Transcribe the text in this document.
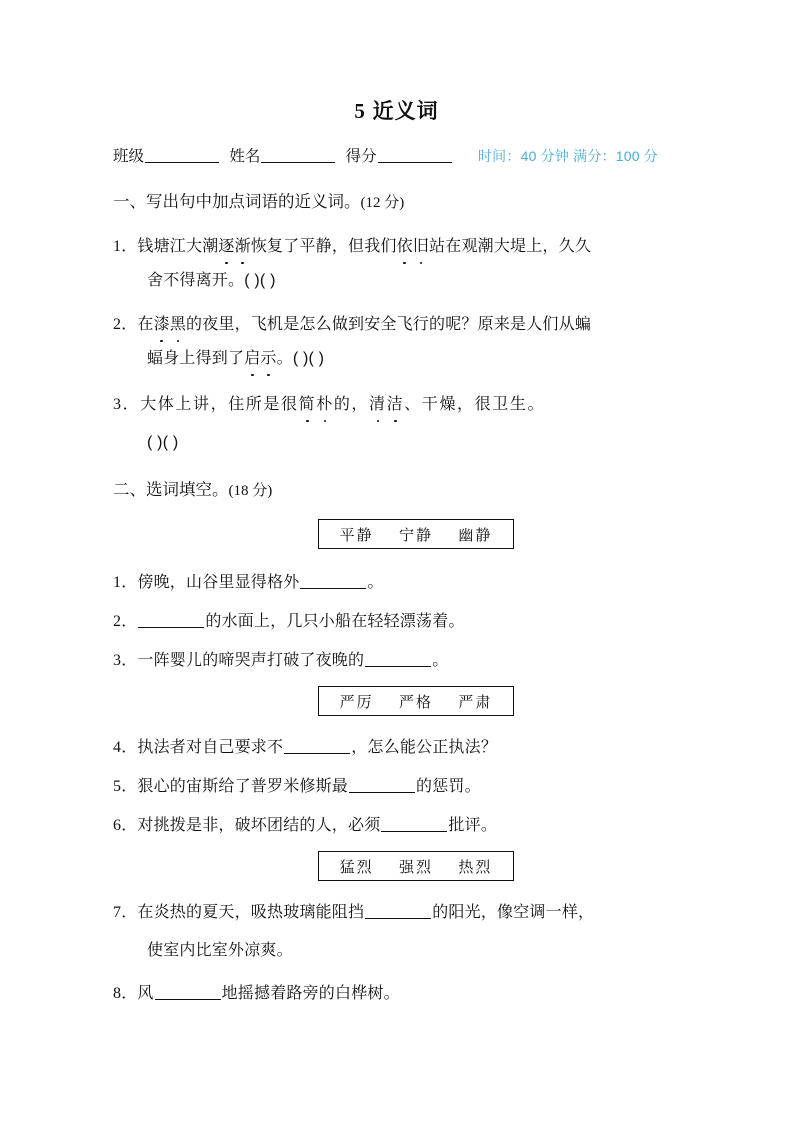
5 近义词
班级	姓名	得分	时间：40 分钟 满分：100 分
一、写出句中加点词语的近义词。(12 分)
1．钱塘江大潮逐渐恢复了平静，但我们依旧站在观潮大堤上，久久
舍不得离开。( )( )
2．在漆黑的夜里，飞机是怎么做到安全飞行的呢？原来是人们从蝙
蝠身上得到了启示。( )( )
3．大体上讲，住所是很简朴的，清洁、干燥，很卫生。
( )( )
二、选词填空。(18 分)
平静 宁静 幽静
1．傍晚，山谷里显得格外	。
2．	的水面上，几只小船在轻轻漂荡着。
3．一阵婴儿的啼哭声打破了夜晚的	。
严厉 严格 严肃
4．执法者对自己要求不	，怎么能公正执法？
5．狠心的宙斯给了普罗米修斯最	的惩罚。
6．对挑拨是非，破坏团结的人，必须	批评。
猛烈 强烈 热烈
7．在炎热的夏天，吸热玻璃能阻挡	的阳光，像空调一样，
使室内比室外凉爽。
8．风	地摇撼着路旁的白桦树。
